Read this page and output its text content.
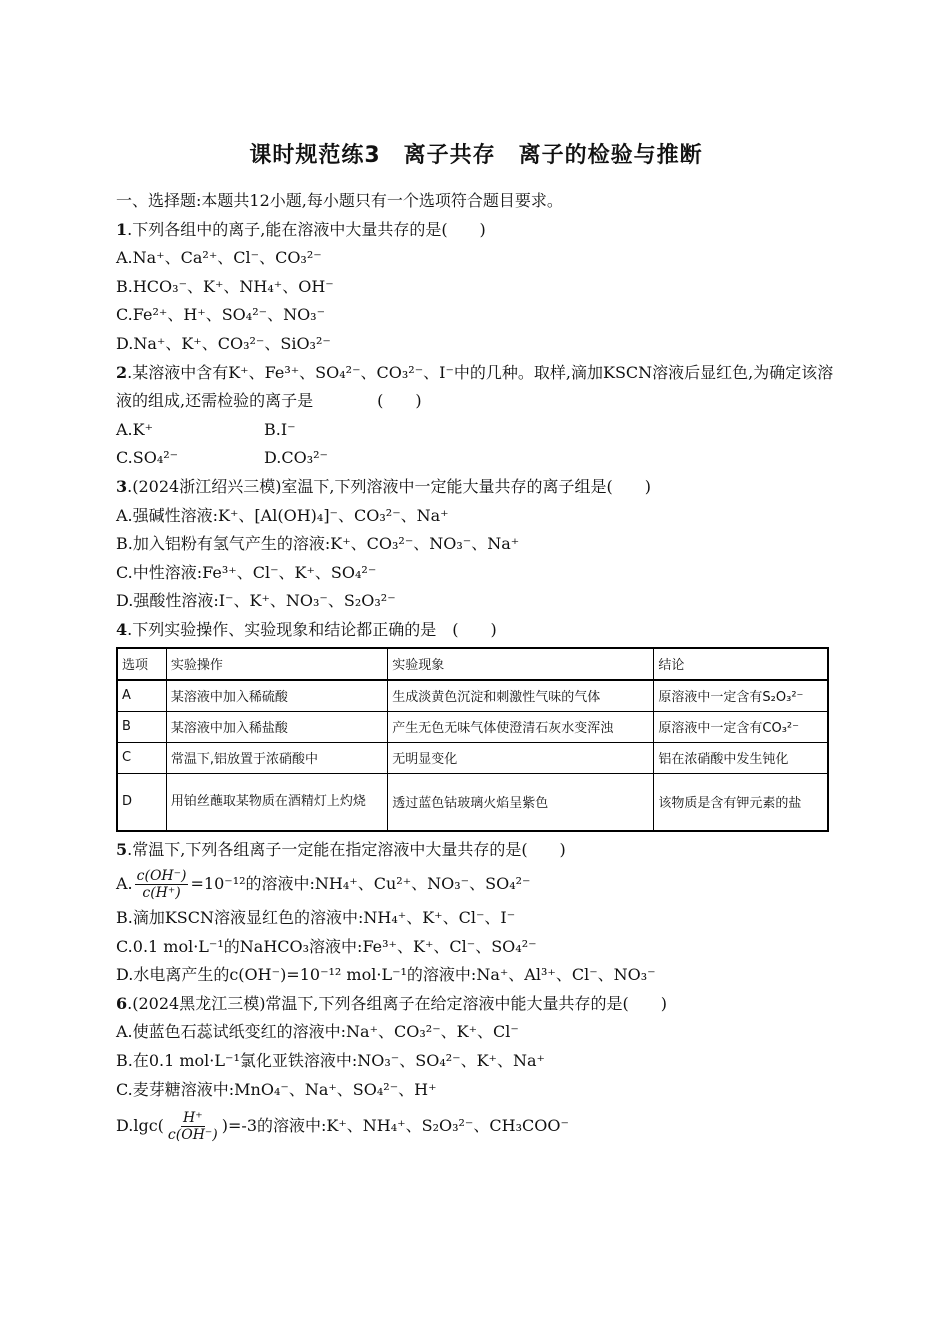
课时规范练3　离子共存　离子的检验与推断
一、选择题:本题共12小题,每小题只有一个选项符合题目要求。
1.下列各组中的离子,能在溶液中大量共存的是(　　)
A.Na⁺、Ca²⁺、Cl⁻、CO₃²⁻
B.HCO₃⁻、K⁺、NH₄⁺、OH⁻
C.Fe²⁺、H⁺、SO₄²⁻、NO₃⁻
D.Na⁺、K⁺、CO₃²⁻、SiO₃²⁻
2.某溶液中含有K⁺、Fe³⁺、SO₄²⁻、CO₃²⁻、I⁻中的几种。取样,滴加KSCN溶液后显红色,为确定该溶液的组成,还需检验的离子是　　　　(　　)
A.K⁺	B.I⁻
C.SO₄²⁻	D.CO₃²⁻
3.(2024浙江绍兴三模)室温下,下列溶液中一定能大量共存的离子组是(　　)
A.强碱性溶液:K⁺、[Al(OH)₄]⁻、CO₃²⁻、Na⁺
B.加入铝粉有氢气产生的溶液:K⁺、CO₃²⁻、NO₃⁻、Na⁺
C.中性溶液:Fe³⁺、Cl⁻、K⁺、SO₄²⁻
D.强酸性溶液:I⁻、K⁺、NO₃⁻、S₂O₃²⁻
4.下列实验操作、实验现象和结论都正确的是　(　　)
选项	实验操作	实验现象	结论
A	某溶液中加入稀硫酸	生成淡黄色沉淀和刺激性气味的气体	原溶液中一定含有S₂O₃²⁻
B	某溶液中加入稀盐酸	产生无色无味气体使澄清石灰水变浑浊	原溶液中一定含有CO₃²⁻
C	常温下,铝放置于浓硝酸中	无明显变化	铝在浓硝酸中发生钝化
D	用铂丝蘸取某物质在酒精灯上灼烧	透过蓝色钴玻璃火焰呈紫色	该物质是含有钾元素的盐
5.常温下,下列各组离子一定能在指定溶液中大量共存的是(　　)
A. $\frac{c(OH^-)}{c(H^+)} =10^{-12}$的溶液中:NH₄⁺、Cu²⁺、NO₃⁻、SO₄²⁻
B.滴加KSCN溶液显红色的溶液中:NH₄⁺、K⁺、Cl⁻、I⁻
C.0.1 mol·L⁻¹的NaHCO₃溶液中:Fe³⁺、K⁺、Cl⁻、SO₄²⁻
D.水电离产生的c(OH⁻)=10⁻¹² mol·L⁻¹的溶液中:Na⁺、Al³⁺、Cl⁻、NO₃⁻
6.(2024黑龙江三模)常温下,下列各组离子在给定溶液中能大量共存的是(　　)
A.使蓝色石蕊试纸变红的溶液中:Na⁺、CO₃²⁻、K⁺、Cl⁻
B.在0.1 mol·L⁻¹氯化亚铁溶液中:NO₃⁻、SO₄²⁻、K⁺、Na⁺
C.麦芽糖溶液中:MnO₄⁻、Na⁺、SO₄²⁻、H⁺
$D.\lg c( \frac{H^+}{c(OH^-)} )=-3$的溶液中:K⁺、NH₄⁺、S₂O₃²⁻、CH₃COO⁻
